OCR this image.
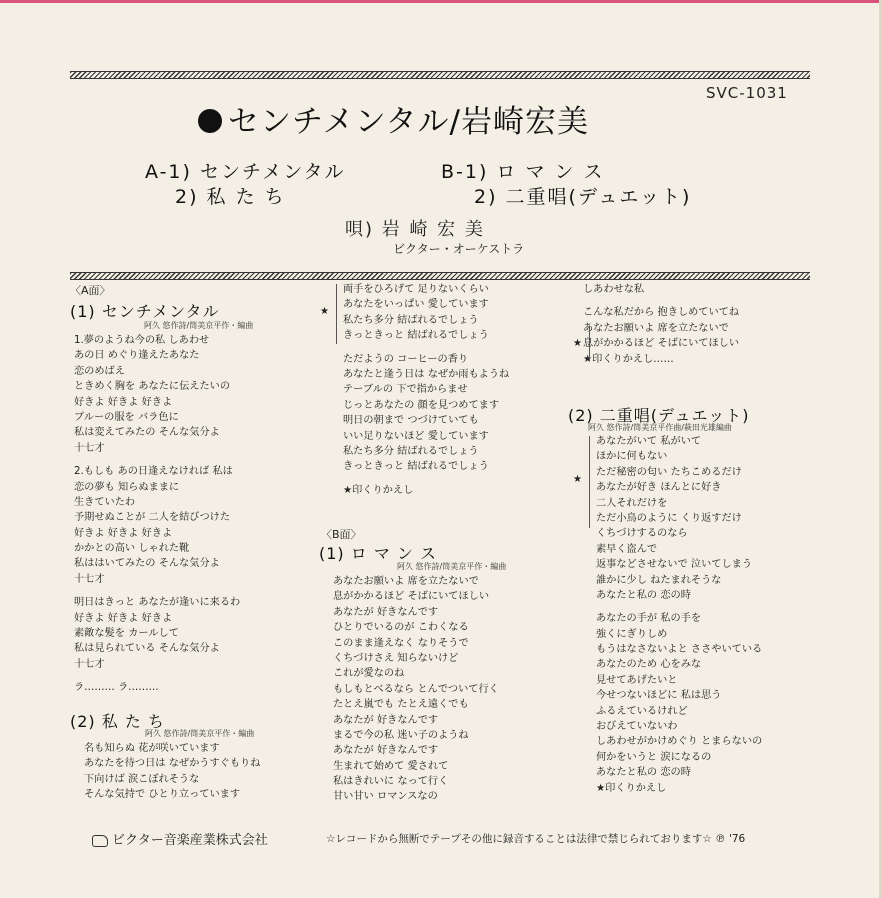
センチメンタル/岩崎宏美
SVC-1031
A-1) センチメンタル
2) 私 た ち
B-1) ロ マ ン ス
2) 二重唱(デュエット)
唄) 岩 崎 宏 美
ビクター・オーケストラ
〈A面〉
(1) センチメンタル
阿久 悠作詩/筒美京平作・編曲
1.夢のようね今の私 しあわせ
あの日 めぐり逢えたあなた
恋のめばえ
ときめく胸を あなたに伝えたいの
好きよ 好きよ 好きよ
ブルーの服を バラ色に
私は変えてみたの そんな気分よ
十七才
2.もしも あの日逢えなければ 私は
恋の夢も 知らぬままに
生きていたわ
予期せぬことが 二人を結びつけた
好きよ 好きよ 好きよ
かかとの高い しゃれた靴
私ははいてみたの そんな気分よ
十七才
明日はきっと あなたが逢いに来るわ
好きよ 好きよ 好きよ
素敵な髪を カールして
私は見られている そんな気分よ
十七才
ラ……… ラ………
(2) 私 た ち
阿久 悠作詩/筒美京平作・編曲
名も知らぬ 花が咲いています
あなたを待つ日は なぜかうすぐもりね
下向けば 涙こぼれそうな
そんな気持で ひとり立っています
★
両手をひろげて 足りないくらい
あなたをいっぱい 愛しています
私たち多分 結ばれるでしょう
きっときっと 結ばれるでしょう
ただようの コーヒーの香り
あなたと逢う日は なぜか雨もようね
テーブルの 下で指からませ
じっとあなたの 顔を見つめてます
明日の朝まで つづけていても
いい足りないほど 愛しています
私たち多分 結ばれるでしょう
きっときっと 結ばれるでしょう
★印くりかえし
〈B面〉
(1) ロ マ ン ス
阿久 悠作詩/筒美京平作・編曲
あなたお願いよ 席を立たないで
息がかかるほど そばにいてほしい
あなたが 好きなんです
ひとりでいるのが こわくなる
このまま逢えなく なりそうで
くちづけさえ 知らないけど
これが愛なのね
もしもとべるなら とんでついて行く
たとえ嵐でも たとえ遠くでも
あなたが 好きなんです
まるで今の私 迷い子のようね
あなたが 好きなんです
生まれて始めて 愛されて
私はきれいに なって行く
甘い甘い ロマンスなの
しあわせな私
こんな私だから 抱きしめていてね
あなたお願いよ 席を立たないで
息がかかるほど そばにいてほしい
★印くりかえし……
★
(2) 二重唱(デュエット)
阿久 悠作詩/筒美京平作曲/萩田光雄編曲
★
あなたがいて 私がいて
ほかに何もない
ただ秘密の匂い たちこめるだけ
あなたが好き ほんとに好き
二人それだけを
ただ小鳥のように くり返すだけ
くちづけするのなら
素早く盗んで
返事などさせないで 泣いてしまう
誰かに少し ねたまれそうな
あなたと私の 恋の時
あなたの手が 私の手を
強くにぎりしめ
もうはなさないよと ささやいている
あなたのため 心をみな
見せてあげたいと
今せつないほどに 私は思う
ふるえているけれど
おびえていないわ
しあわせがかけめぐり とまらないの
何かをいうと 涙になるの
あなたと私の 恋の時
★印くりかえし
ビクター音楽産業株式会社	☆レコードから無断でテープその他に録音することは法律で禁じられております☆ ℗ '76
